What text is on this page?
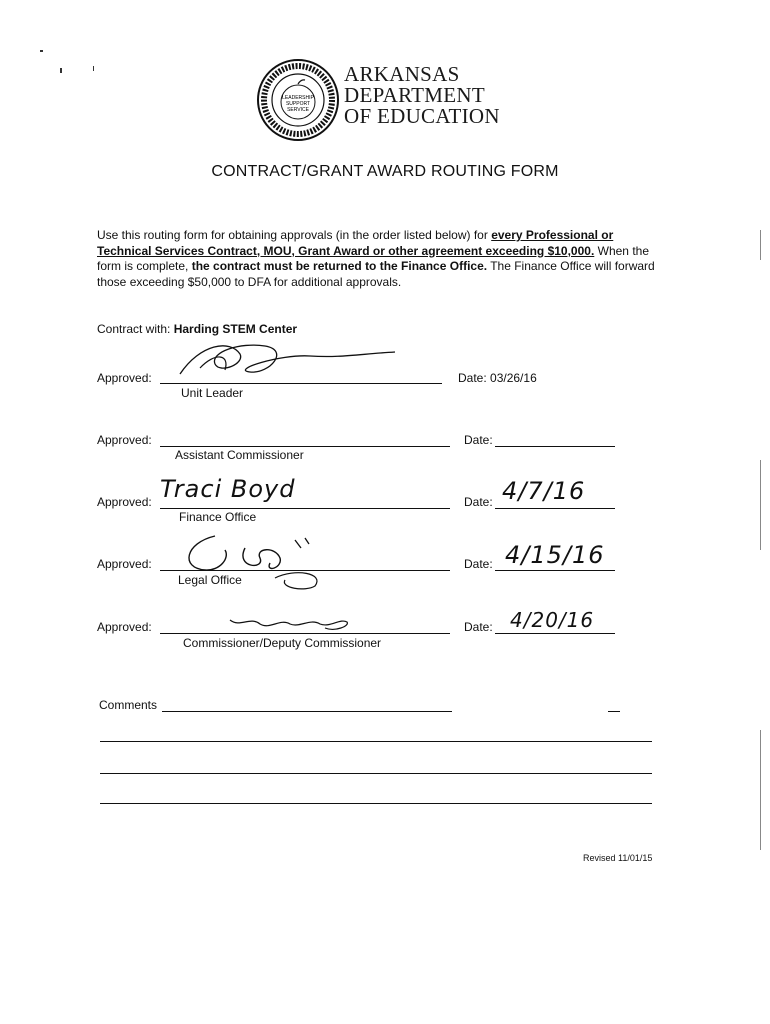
LEADERSHIP
SUPPORT
SERVICE
ARKANSAS
DEPARTMENT
OF EDUCATION
CONTRACT/GRANT AWARD ROUTING FORM
Use this routing form for obtaining approvals (in the order listed below) for every Professional or Technical Services Contract, MOU, Grant Award or other agreement exceeding $10,000. When the form is complete, the contract must be returned to the Finance Office. The Finance Office will forward those exceeding $50,000 to DFA for additional approvals.
Contract with: Harding STEM Center
Approved:
Unit Leader
Date: 03/26/16
Approved:
Assistant Commissioner
Date:
Approved: Traci Boyd
Finance Office
Date: 4/7/16
Approved:
Legal Office
Date: 4/15/16
Approved:
Commissioner/Deputy Commissioner
Date: 4/20/16
Comments
Revised 11/01/15
